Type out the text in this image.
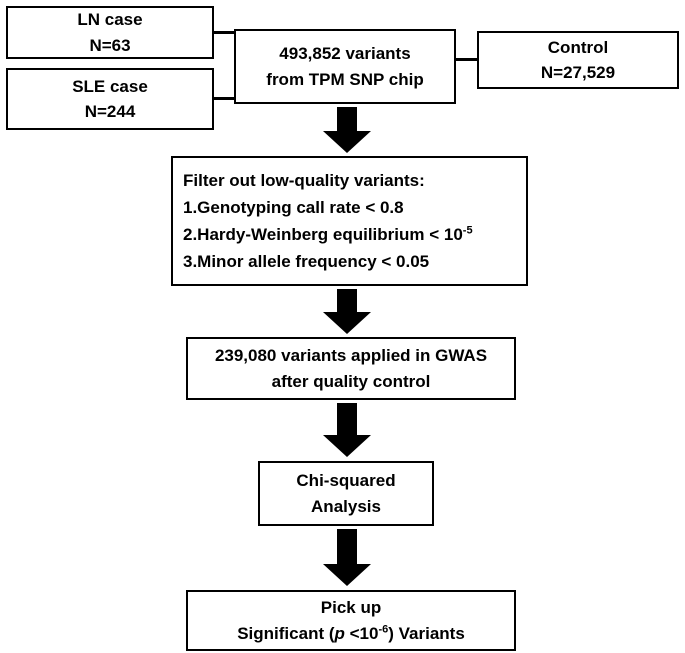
LN case
N=63
SLE case
N=244
493,852 variants
from TPM SNP chip
Control
N=27,529
Filter out low-quality variants:
1.Genotyping call rate < 0.8
2.Hardy-Weinberg equilibrium < $10^{-5}$
3.Minor allele frequency < 0.05
239,080 variants applied in GWAS
after quality control
Chi-squared
Analysis
Pick up
Significant $(p <10^{-6})$ Variants
